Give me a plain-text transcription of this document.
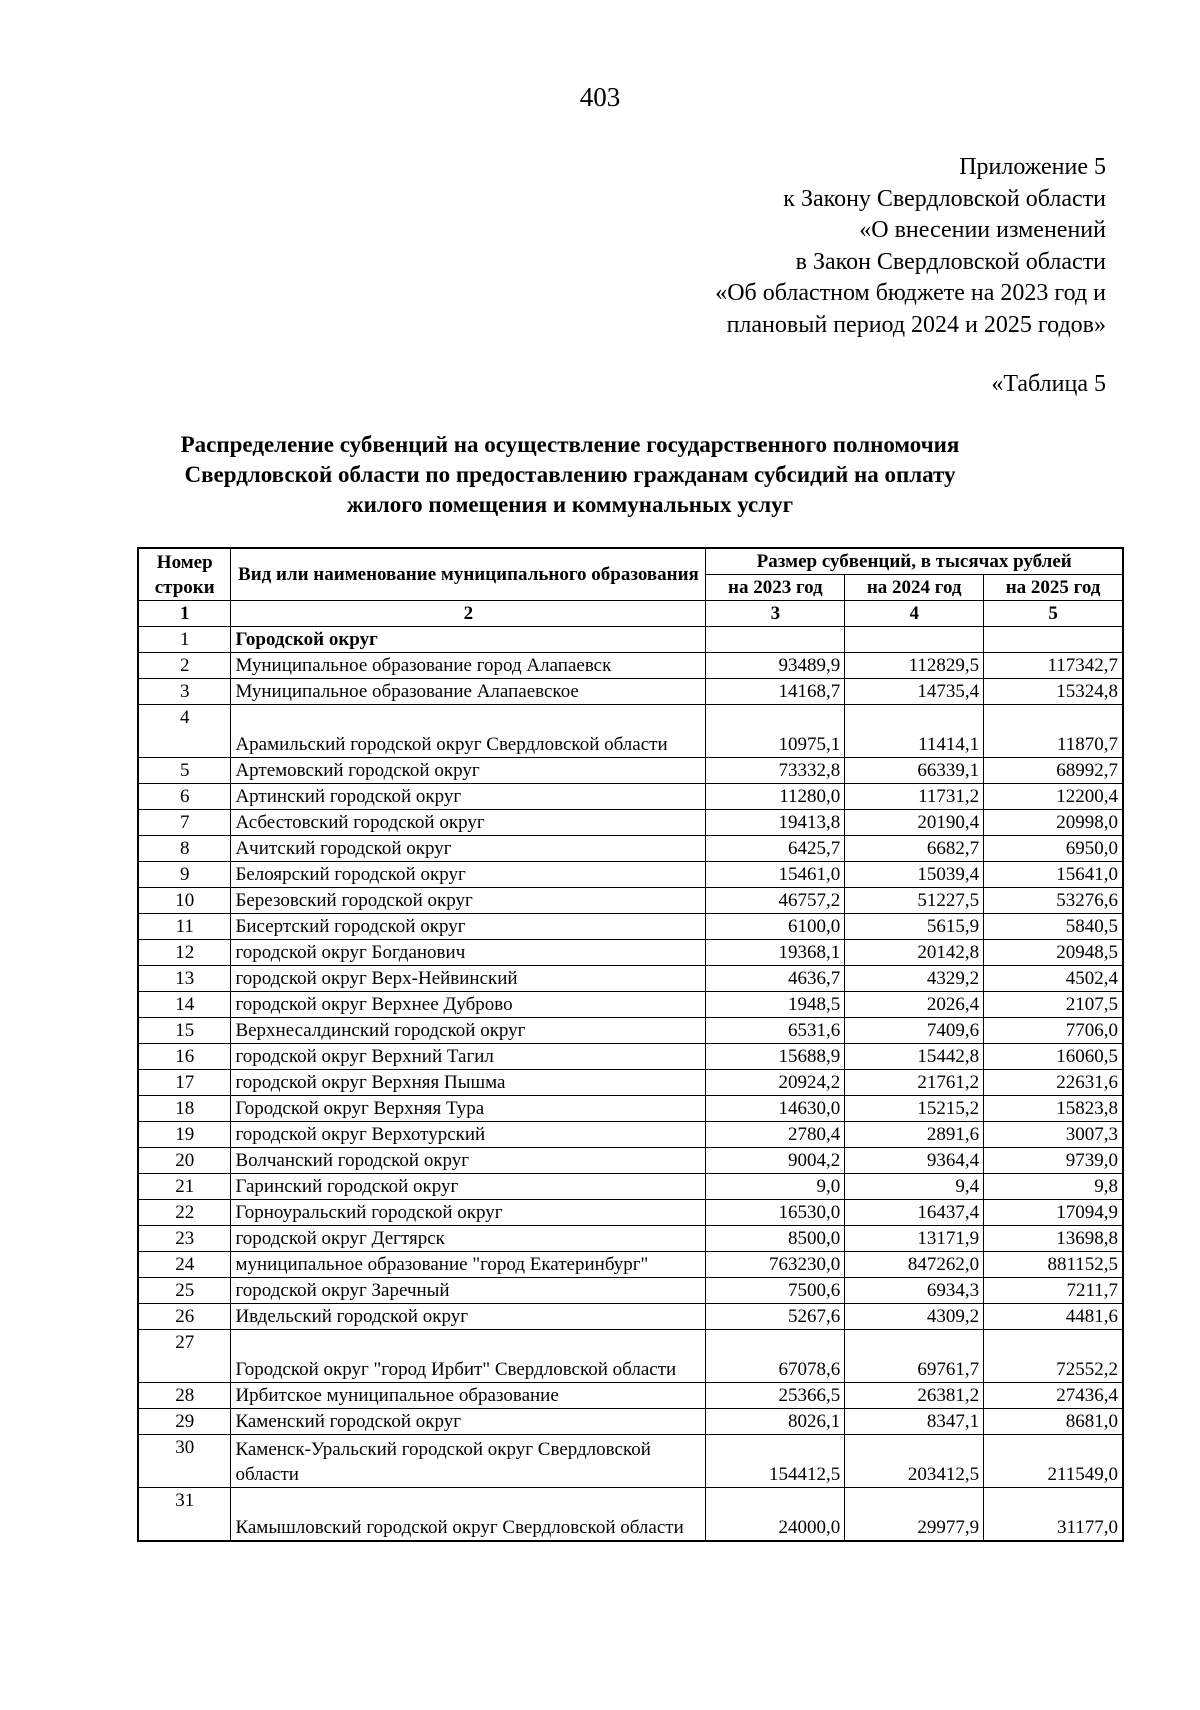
403
Приложение 5
к Закону Свердловской области
«О внесении изменений
в Закон Свердловской области
«Об областном бюджете на 2023 год и
плановый период 2024 и 2025 годов»
«Таблица 5
Распределение субвенций на осуществление государственного полномочия
Свердловской области по предоставлению гражданам субсидий на оплату
жилого помещения и коммунальных услуг
Номер строки	Вид или наименование муниципального образования	Размер субвенций, в тысячах рублей		
		на 2023 год	на 2024 год	на 2025 год
1	2	3	4	5
1	Городской округ			
2	Муниципальное образование город Алапаевск	93489,9	112829,5	117342,7
3	Муниципальное образование Алапаевское	14168,7	14735,4	15324,8
4	Арамильский городской округ Свердловской области	10975,1	11414,1	11870,7
5	Артемовский городской округ	73332,8	66339,1	68992,7
6	Артинский городской округ	11280,0	11731,2	12200,4
7	Асбестовский городской округ	19413,8	20190,4	20998,0
8	Ачитский городской округ	6425,7	6682,7	6950,0
9	Белоярский городской округ	15461,0	15039,4	15641,0
10	Березовский городской округ	46757,2	51227,5	53276,6
11	Бисертский городской округ	6100,0	5615,9	5840,5
12	городской округ Богданович	19368,1	20142,8	20948,5
13	городской округ Верх-Нейвинский	4636,7	4329,2	4502,4
14	городской округ Верхнее Дуброво	1948,5	2026,4	2107,5
15	Верхнесалдинский городской округ	6531,6	7409,6	7706,0
16	городской округ Верхний Тагил	15688,9	15442,8	16060,5
17	городской округ Верхняя Пышма	20924,2	21761,2	22631,6
18	Городской округ Верхняя Тура	14630,0	15215,2	15823,8
19	городской округ Верхотурский	2780,4	2891,6	3007,3
20	Волчанский городской округ	9004,2	9364,4	9739,0
21	Гаринский городской округ	9,0	9,4	9,8
22	Горноуральский городской округ	16530,0	16437,4	17094,9
23	городской округ Дегтярск	8500,0	13171,9	13698,8
24	муниципальное образование "город Екатеринбург"	763230,0	847262,0	881152,5
25	городской округ Заречный	7500,6	6934,3	7211,7
26	Ивдельский городской округ	5267,6	4309,2	4481,6
27	Городской округ "город Ирбит" Свердловской области	67078,6	69761,7	72552,2
28	Ирбитское муниципальное образование	25366,5	26381,2	27436,4
29	Каменский городской округ	8026,1	8347,1	8681,0
30	Каменск-Уральский городской округ Свердловской области	154412,5	203412,5	211549,0
31	Камышловский городской округ Свердловской области	24000,0	29977,9	31177,0
